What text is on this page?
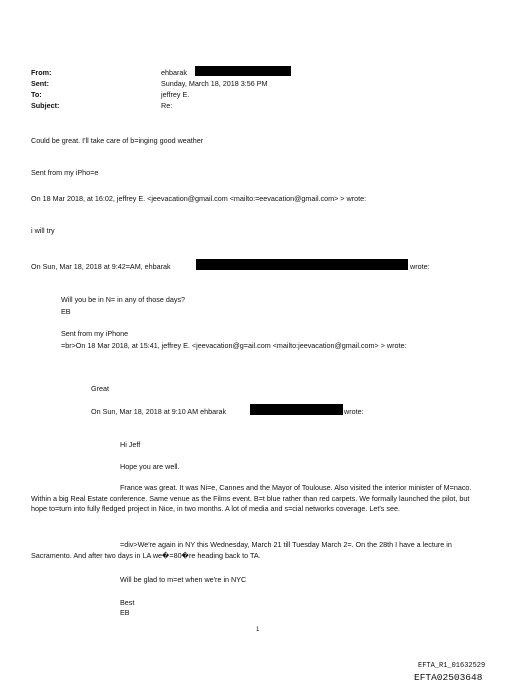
From:
Sent:
To:
Subject:
ehbarak
Sunday, March 18, 2018 3:56 PM
jeffrey E.
Re:
Could be great. I'll take care of b=inging good weather
Sent from my iPho=e
On 18 Mar 2018, at 16:02, jeffrey E. <jeevacation@gmail.com <mailto:=eevacation@gmail.com> > wrote:
i will try
On Sun, Mar 18, 2018 at 9:42=AM, ehbarak	wrote:
Will you be in N= in any of those days?
EB
Sent from my iPhone
=br>On 18 Mar 2018, at 15:41, jeffrey E. <jeevacation@g=ail.com <mailto:jeevacation@gmail.com> > wrote:
Great
On Sun, Mar 18, 2018 at 9:10 AM ehbarak	wrote:
Hi Jeff
Hope you are well.
France was great. It was Ni=e, Cannes and the Mayor of Toulouse. Also visited the interior minister of M=naco. Within a big Real Estate conference. Same venue as the Films event. B=t blue rather than red carpets. We formally launched the pilot, but hope to=turn into fully fledged project in Nice, in two months. A lot of media and s=cial networks coverage. Let's see.
=div>We're again in NY this Wednesday, March 21 till Tuesday March 2=. On the 28th I have a lecture in Sacramento. And after two days in LA we�=80�re heading back to TA.
Will be glad to m=et when we're in NYC
Best
EB
1
EFTA_R1_01632529
EFTA02503648
